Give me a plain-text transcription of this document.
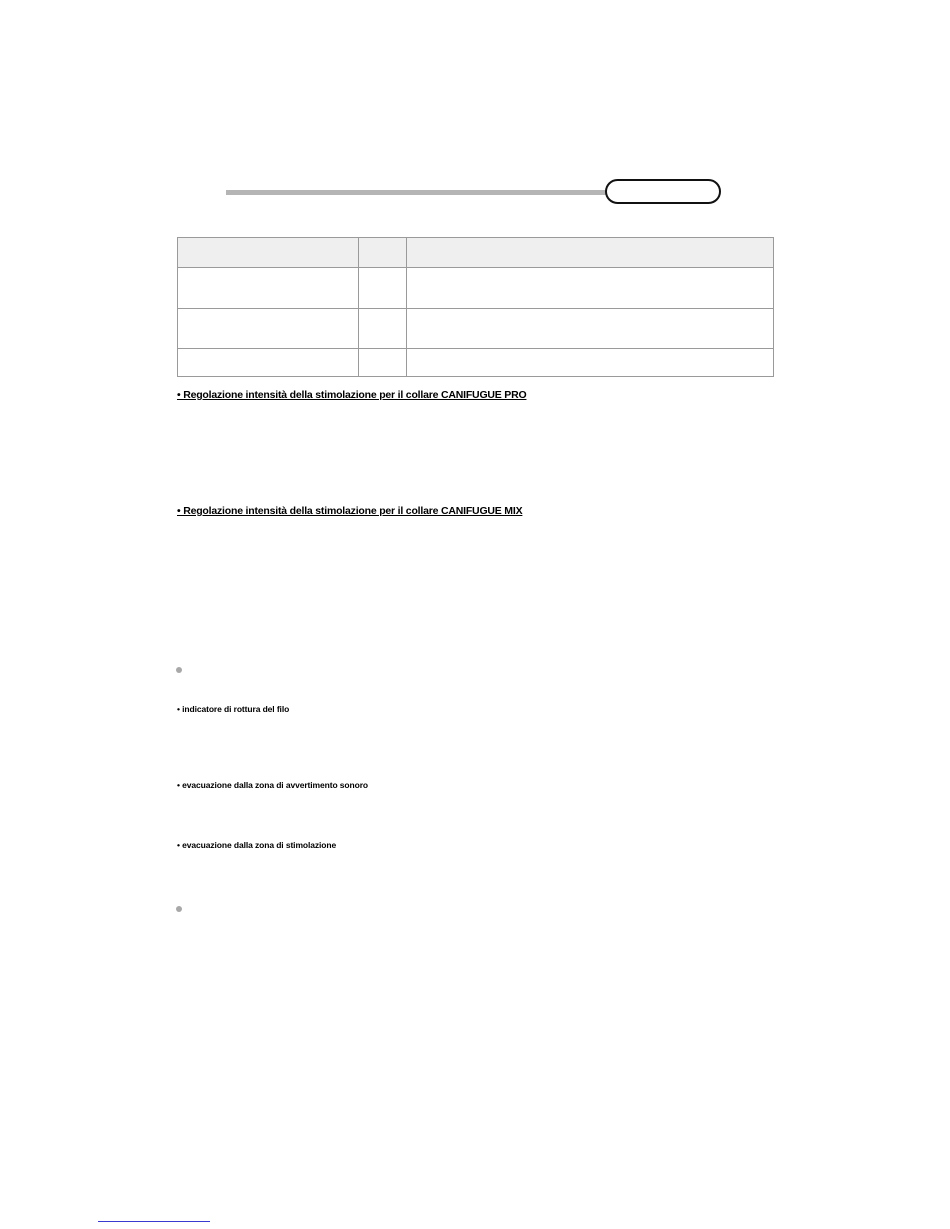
• Regolazione intensità della stimolazione per il collare CANIFUGUE PRO
• Regolazione intensità della stimolazione per il collare CANIFUGUE MIX
• indicatore di rottura del filo
• evacuazione dalla zona di avvertimento sonoro
• evacuazione dalla zona di stimolazione
